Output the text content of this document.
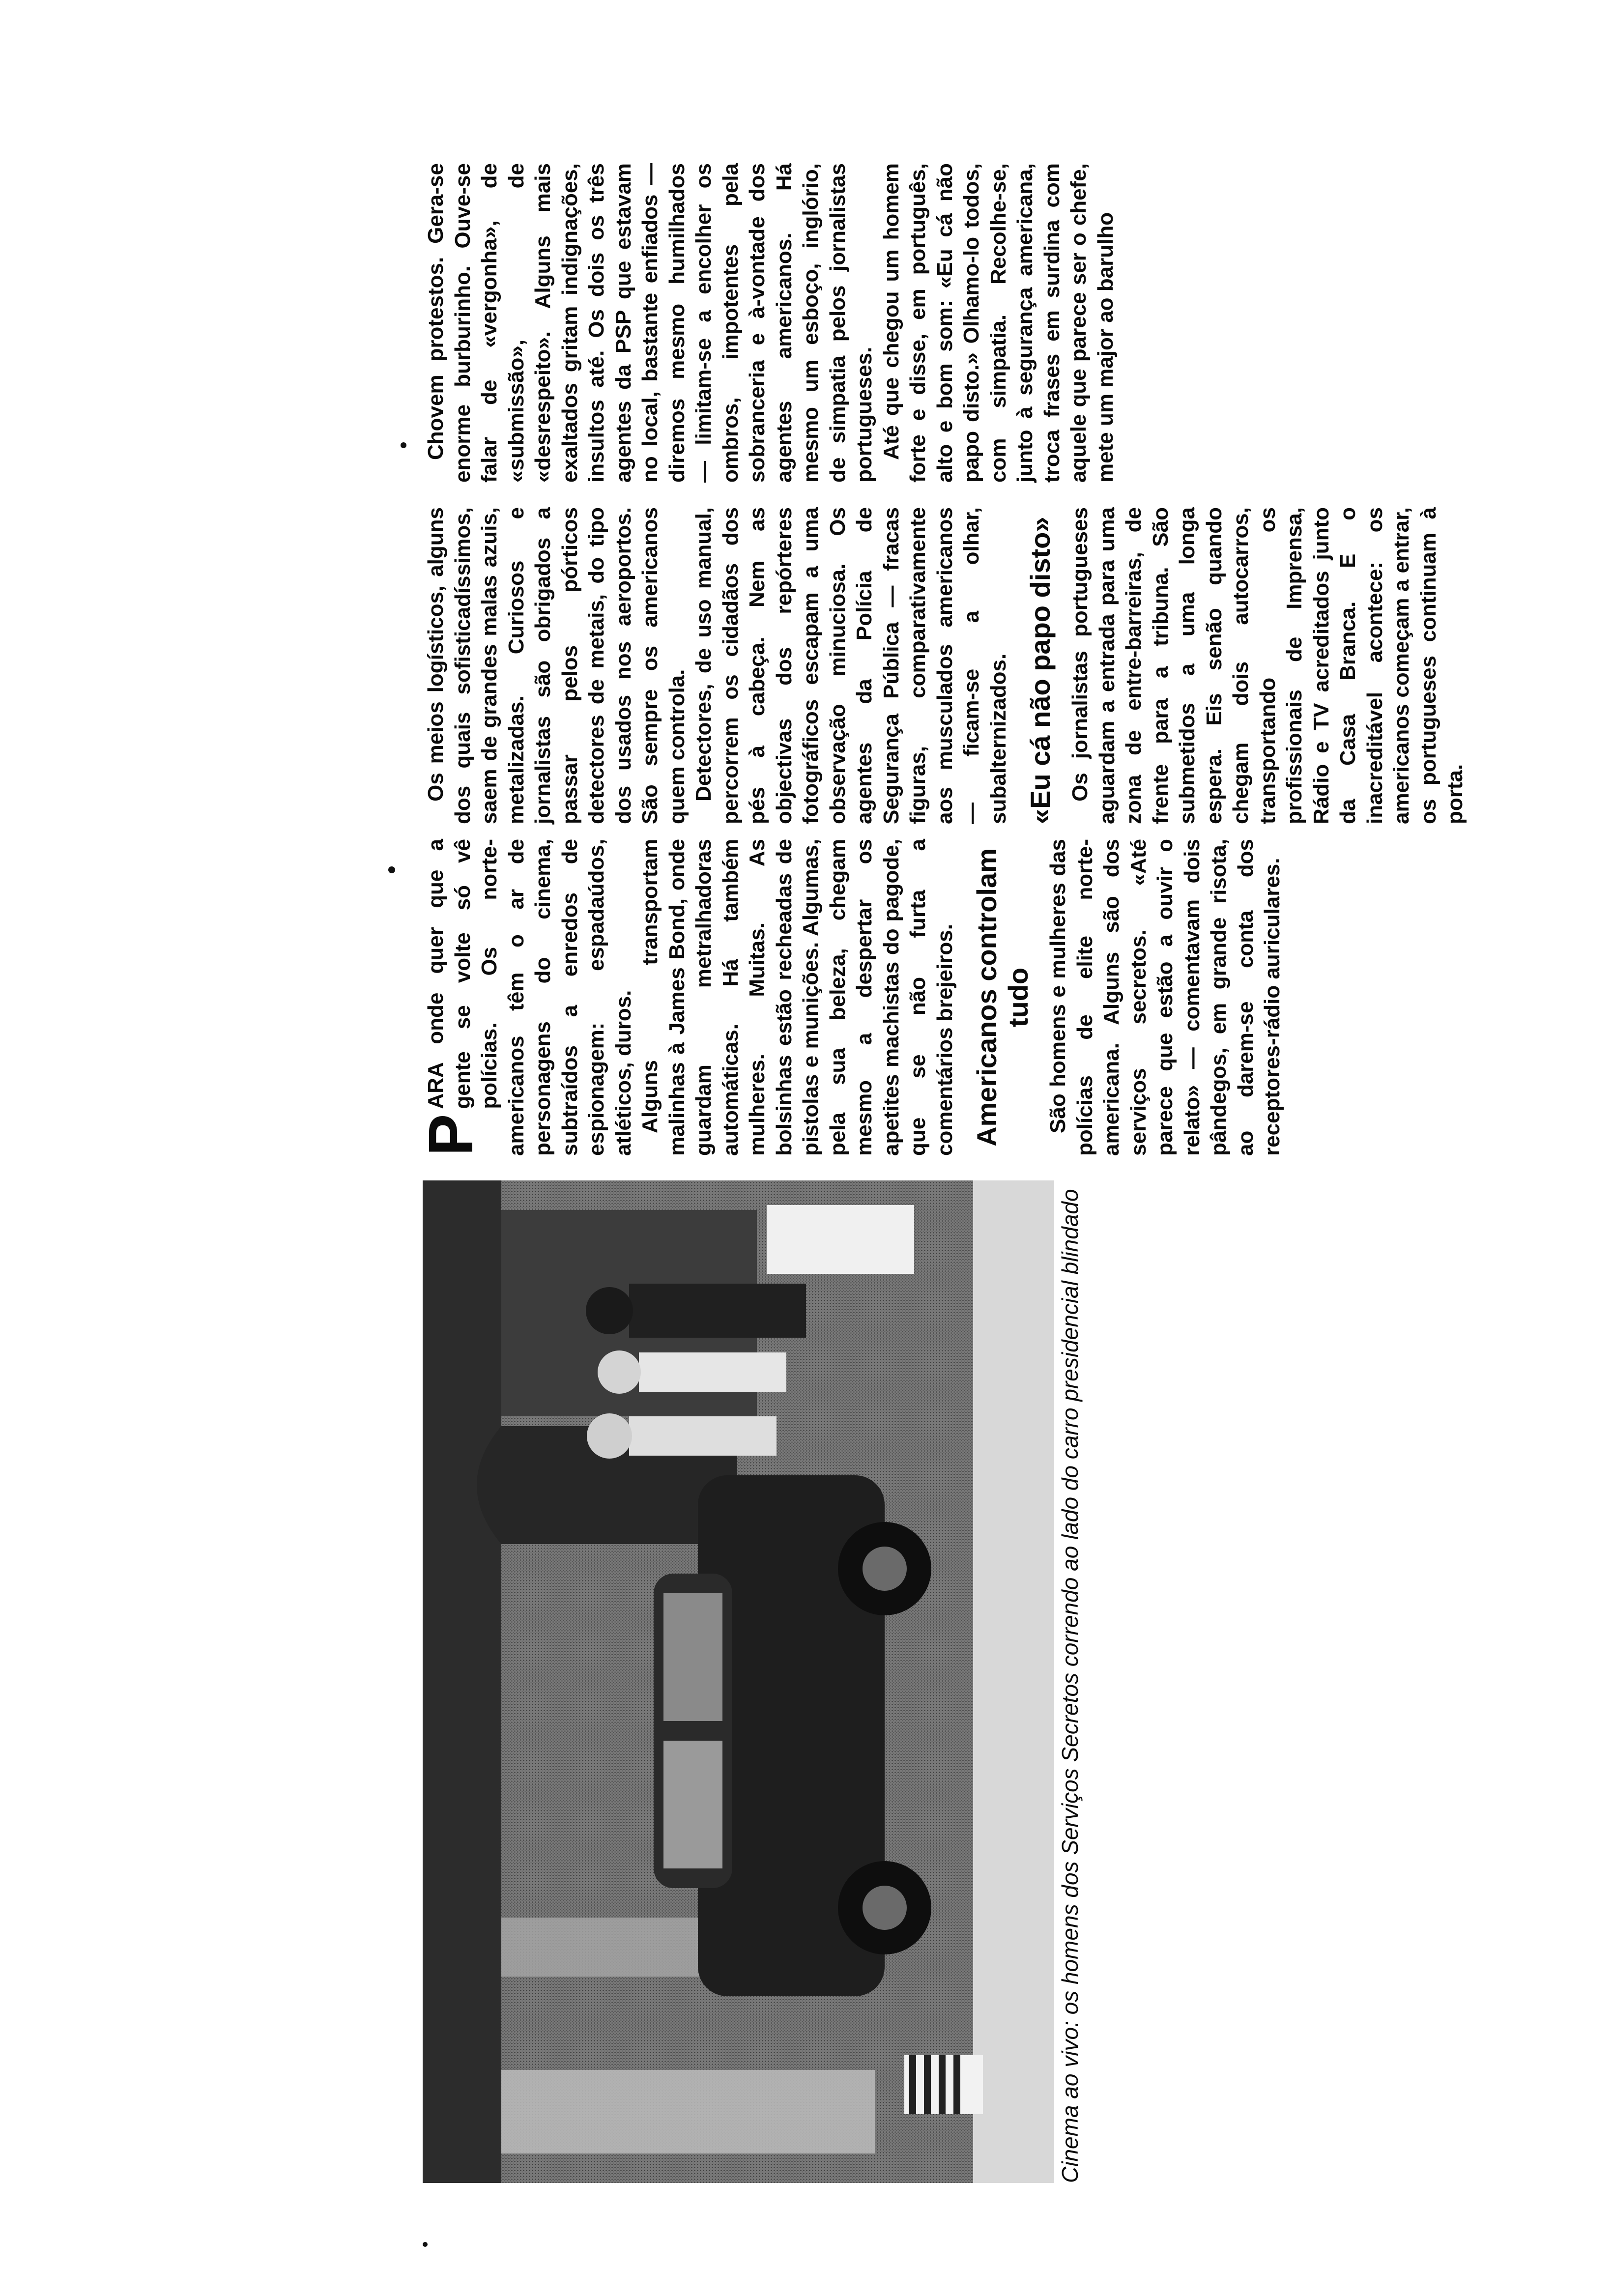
Cinema ao vivo: os homens dos Serviços Secretos correndo ao lado do carro presidencial blindado

P
ARA onde quer que a gente se volte só vê polícias. Os norte-americanos têm o ar de personagens do cinema, subtraídos a enredos de espionagem: espadaúdos, atléticos, duros. Alguns transportam malinhas à James Bond, onde guardam metralhadoras automáticas. Há também mulheres. Muitas. As bolsinhas estão recheadas de pistolas e munições. Algumas, pela sua beleza, chegam mesmo a despertar os apetites machistas do pagode, que se não furta a comentários brejeiros. Americanos controlam tudo São homens e mulheres das polícias de elite norte-americana. Alguns são dos serviços secretos. «Até parece que estão a ouvir o relato» — comentavam dois pândegos, em grande risota, ao darem-se conta dos receptores-rádio auriculares.

Os meios logísticos, alguns dos quais sofisticadíssimos, saem de grandes malas azuis, metalizadas. Curiosos e jornalistas são obrigados a passar pelos pórticos detectores de metais, do tipo dos usados nos aeroportos. São sempre os americanos quem controla. Detectores, de uso manual, percorrem os cidadãos dos pés à cabeça. Nem as objectivas dos repórteres fotográficos escapam a uma observação minuciosa. Os agentes da Polícia de Segurança Pública — fracas figuras, comparativamente aos musculados americanos — ficam-se a olhar, subalternizados. «Eu cá não papo disto» Os jornalistas portugueses aguardam a entrada para uma zona de entre-barreiras, de frente para a tribuna. São submetidos a uma longa espera. Eis senão quando chegam dois autocarros, transportando os profissionais de Imprensa, Rádio e TV acreditados junto da Casa Branca. E o inacreditável acontece: os americanos começam a entrar, os portugueses continuam à porta.

Chovem protestos. Gera-se enorme burburinho. Ouve-se falar de «vergonha», de «submissão», de «desrespeito». Alguns mais exaltados gritam indignações, insultos até. Os dois os três agentes da PSP que estavam no local, bastante enfiados — diremos mesmo humilhados — limitam-se a encolher os ombros, impotentes pela sobranceria e à-vontade dos agentes americanos. Há mesmo um esboço, inglório, de simpatia pelos jornalistas portugueses. Até que chegou um homem forte e disse, em português, alto e bom som: «Eu cá não papo disto.» Olhamo-lo todos, com simpatia. Recolhe-se, junto à segurança americana, troca frases em surdina com aquele que parece ser o chefe, mete um major ao barulho
